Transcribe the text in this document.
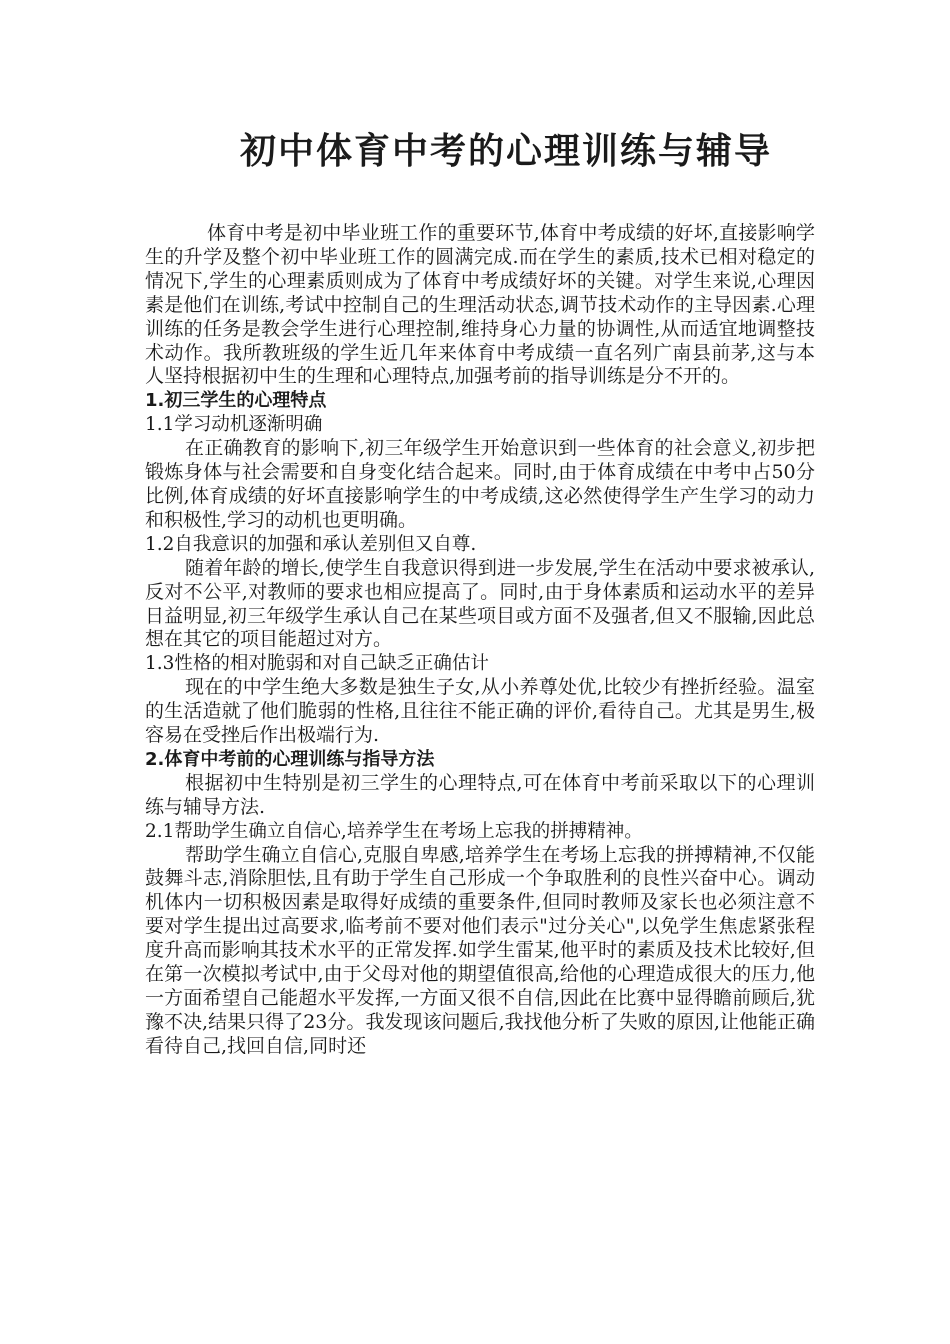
初中体育中考的心理训练与辅导

体育中考是初中毕业班工作的重要环节,体育中考成绩的好坏,直接影响学生的升学及整个初中毕业班工作的圆满完成.而在学生的素质,技术已相对稳定的情况下,学生的心理素质则成为了体育中考成绩好坏的关键。对学生来说,心理因素是他们在训练,考试中控制自己的生理活动状态,调节技术动作的主导因素.心理训练的任务是教会学生进行心理控制,维持身心力量的协调性,从而适宜地调整技术动作。我所教班级的学生近几年来体育中考成绩一直名列广南县前茅,这与本人坚持根据初中生的生理和心理特点,加强考前的指导训练是分不开的。

1.初三学生的心理特点

1.1学习动机逐渐明确

在正确教育的影响下,初三年级学生开始意识到一些体育的社会意义,初步把锻炼身体与社会需要和自身变化结合起来。同时,由于体育成绩在中考中占50分比例,体育成绩的好坏直接影响学生的中考成绩,这必然使得学生产生学习的动力和积极性,学习的动机也更明确。

1.2自我意识的加强和承认差别但又自尊.

随着年龄的增长,使学生自我意识得到进一步发展,学生在活动中要求被承认,反对不公平,对教师的要求也相应提高了。同时,由于身体素质和运动水平的差异日益明显,初三年级学生承认自己在某些项目或方面不及强者,但又不服输,因此总想在其它的项目能超过对方。

1.3性格的相对脆弱和对自己缺乏正确估计

现在的中学生绝大多数是独生子女,从小养尊处优,比较少有挫折经验。温室的生活造就了他们脆弱的性格,且往往不能正确的评价,看待自己。尤其是男生,极容易在受挫后作出极端行为.

2.体育中考前的心理训练与指导方法

根据初中生特别是初三学生的心理特点,可在体育中考前采取以下的心理训练与辅导方法.

2.1帮助学生确立自信心,培养学生在考场上忘我的拼搏精神。

帮助学生确立自信心,克服自卑感,培养学生在考场上忘我的拼搏精神,不仅能鼓舞斗志,消除胆怯,且有助于学生自己形成一个争取胜利的良性兴奋中心。调动机体内一切积极因素是取得好成绩的重要条件,但同时教师及家长也必须注意不要对学生提出过高要求,临考前不要对他们表示"过分关心",以免学生焦虑紧张程度升高而影响其技术水平的正常发挥.如学生雷某,他平时的素质及技术比较好,但在第一次模拟考试中,由于父母对他的期望值很高,给他的心理造成很大的压力,他一方面希望自己能超水平发挥,一方面又很不自信,因此在比赛中显得瞻前顾后,犹豫不决,结果只得了23分。我发现该问题后,我找他分析了失败的原因,让他能正确看待自己,找回自信,同时还
